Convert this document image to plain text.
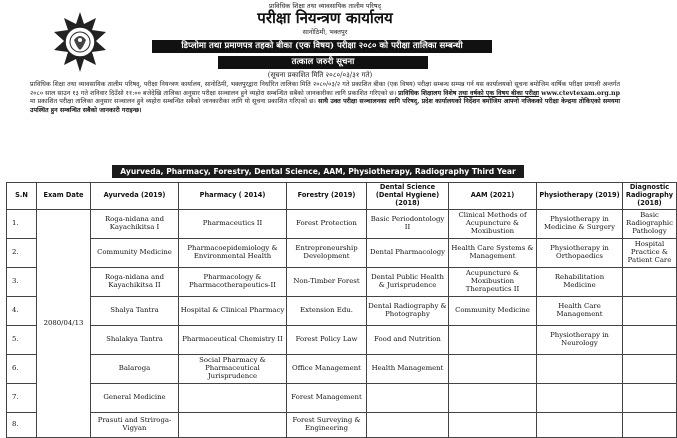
प्राविधिक शिक्षा तथा व्यावसायिक तालीम परिषद्
परीक्षा नियन्त्रण कार्यालय
सानोठिमी, भक्तपुर
डिप्लोमा तथा प्रमाणपत्र तहको बीका (एक विषय) परीक्षा २०८० को परीक्षा तालिका सम्बन्धी
तत्काल जरुरी सूचना
(सूचना प्रकाशित मिति २०८०/०३/३१ गते)
प्राविधिक शिक्षा तथा व्यावसायिक तालीम परिषद्, परीक्षा नियन्त्रण कार्यालय, सानोठिमी, भक्तपुरद्वारा निर्धारित तालिका मिति २०८०/०३/२ गते प्रकाशित बीका (एक विषय) परीक्षा सम्बन्ध सम्पन्न गर्न यस कार्यालयको सूचना बमोजिम वार्षिक परीक्षा प्रणाली अन्तर्गत २०८० साल साउन १३ गते शनिवार दिउँसो ११:०० बजेदेखि तालिका अनुसार परीक्षा सञ्चालन हुने व्यहोरा सम्बन्धित सबैको जानकारीका लागि प्रकाशित गरिएको छ। प्राविधिक शिक्षालय विशेष तथा वर्षको एक विषय बीका परीक्षा www.ctevtexam.org.np मा प्रकाशित परीक्षा तालिका अनुसार सञ्चालन हुने व्यहोरा सम्बन्धित सबैको जानकारीका लागि यो सूचना प्रकाशित गरिएको छ। साथै उक्त परीक्षा सञ्चालनका लागि परिषद्, प्रदेश कार्यालयको निर्देशन बमोजिम आफ्नो नजिकको परीक्षा केन्द्रमा तोकिएको समयमा उपस्थित हुन सम्बन्धित सबैको जानकारी गराइन्छ।
Ayurveda, Pharmacy, Forestry, Dental Science, AAM, Physiotherapy, Radiography Third Year (New+Old)
S.N	Exam Date	Ayurveda (2019)	Pharmacy ( 2014)	Forestry (2019)	Dental Science (Dental Hygiene) (2018)	AAM (2021)	Physiotherapy (2019)	Diagnostic Radiography (2018)
1.	2080/04/13	Roga-nidana and Kayachikitsa I	Pharmaceutics II	Forest Protection	Basic Periodontology II	Clinical Methods of Acupuncture & Moxibustion	Physiotherapy in Medicine & Surgery	Basic Radiographic Pathology
2.		Community Medicine	Pharmacoepidemiology & Environmental Health	Entrepreneurship Development	Dental Pharmacology	Health Care Systems & Management	Physiotherapy in Orthopaedics	Hospital Practice & Patient Care
3.		Roga-nidana and Kayachikitsa II	Pharmacology & Pharmacotherapeutics-II	Non-Timber Forest	Dental Public Health & Jurisprudence	Acupuncture & Moxibustion Therapeutics II	Rehabilitation Medicine	
4.		Shalya Tantra	Hospital & Clinical Pharmacy	Extension Edu.	Dental Radiography & Photography	Community Medicine	Health Care Management	
5.		Shalakya Tantra	Pharmaceutical Chemistry II	Forest Policy Law	Food and Nutrition		Physiotherapy in Neurology	
6.		Balaroga	Social Pharmacy & Pharmaceutical Jurisprudence	Office Management	Health Management			
7.		General Medicine		Forest Management				
8.		Prasuti and Striroga-Vigyan		Forest Surveying & Engineering				
